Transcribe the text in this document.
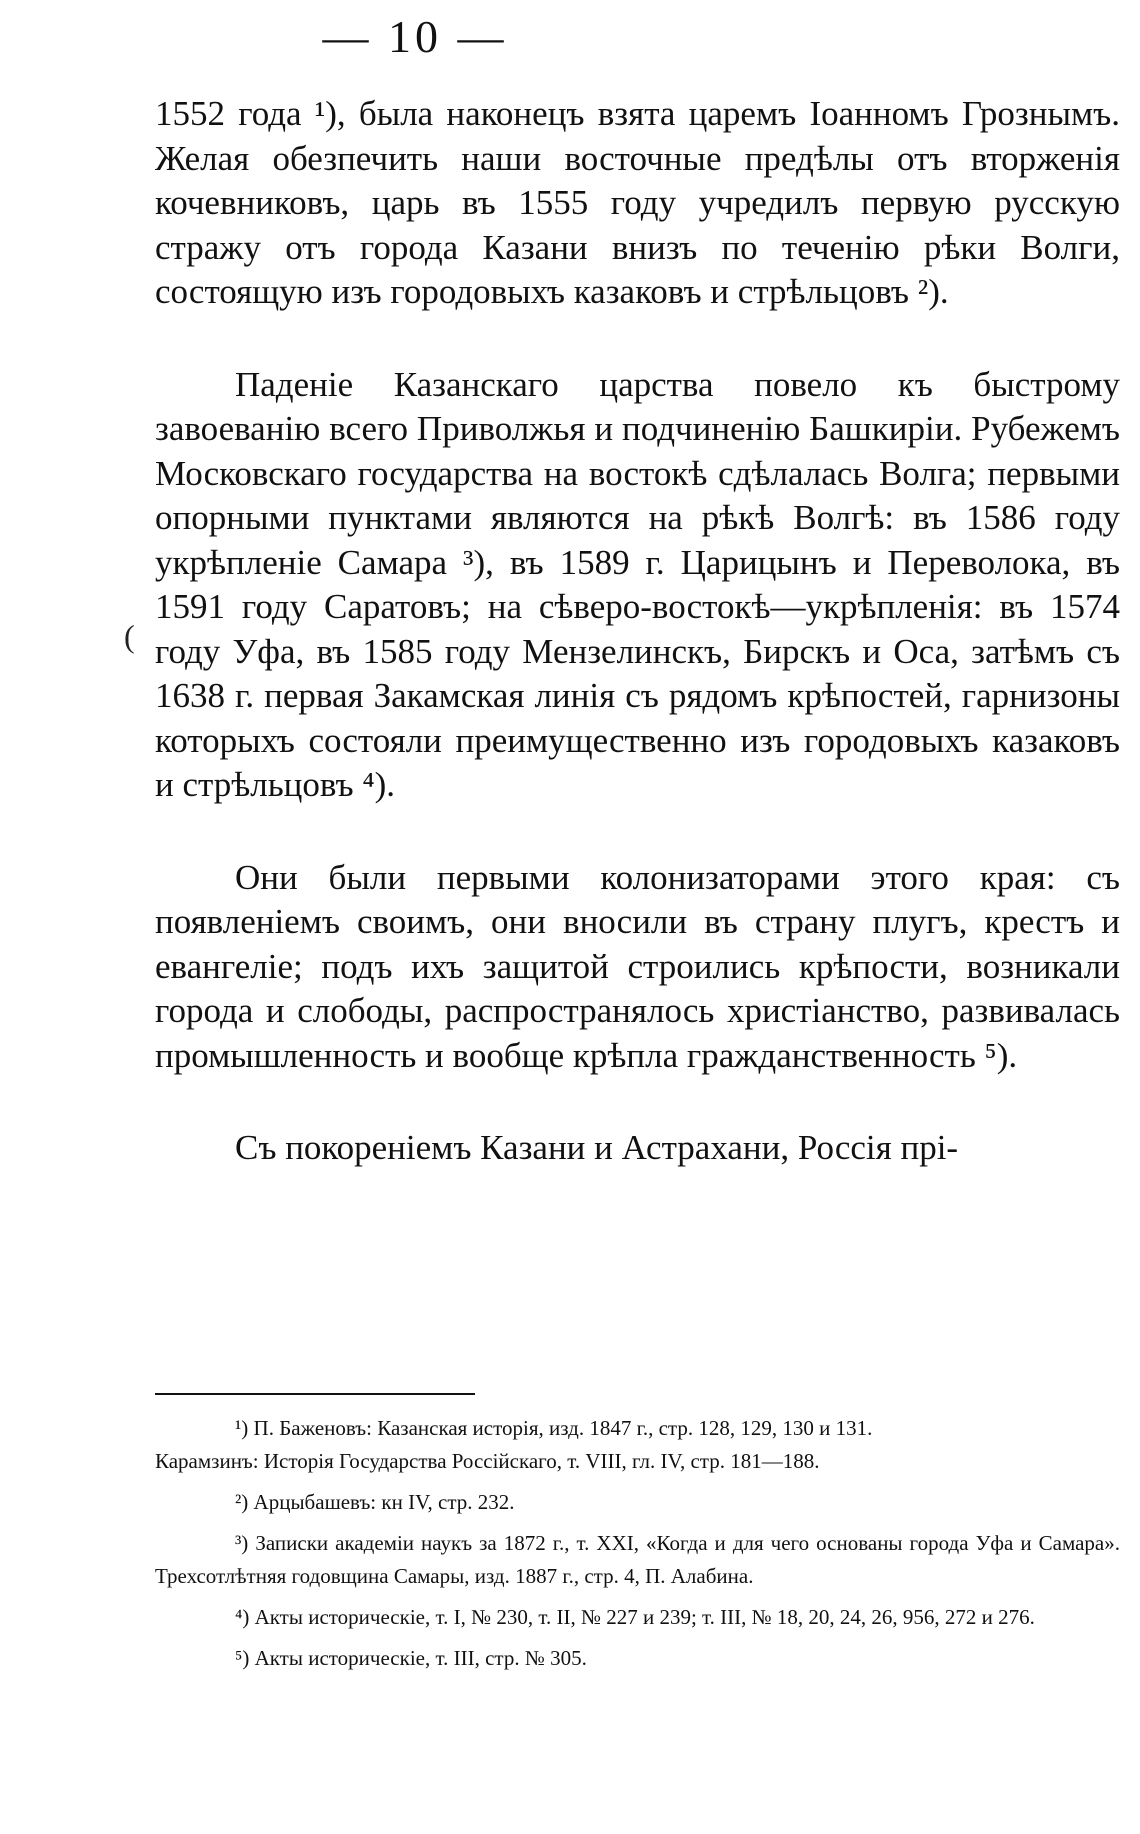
— 10 —

1552 года ¹), была наконецъ взята царемъ Іоанномъ Грознымъ. Желая обезпечить наши восточные предѣлы отъ вторженія кочевниковъ, царь въ 1555 году учредилъ первую русскую стражу отъ города Казани внизъ по теченію рѣки Волги, состоящую изъ городовыхъ казаковъ и стрѣльцовъ ²).

Паденіе Казанскаго царства повело къ быстрому завоеванію всего Приволжья и подчиненію Башкиріи. Рубежемъ Московскаго государства на востокѣ сдѣлалась Волга; первыми опорными пунктами являются на рѣкѣ Волгѣ: въ 1586 году укрѣпленіе Самара ³), въ 1589 г. Царицынъ и Переволока, въ 1591 году Саратовъ; на сѣверо-востокѣ—укрѣпленія: въ 1574 году Уфа, въ 1585 году Мензелинскъ, Бирскъ и Оса, затѣмъ съ 1638 г. первая Закамская линія съ рядомъ крѣпостей, гарнизоны которыхъ состояли преимущественно изъ городовыхъ казаковъ и стрѣльцовъ ⁴).

Они были первыми колонизаторами этого края: съ появленіемъ своимъ, они вносили въ страну плугъ, крестъ и евангеліе; подъ ихъ защитой строились крѣпости, возникали города и слободы, распространялось христіанство, развивалась промышленность и вообще крѣпла гражданственность ⁵).

Съ покореніемъ Казани и Астрахани, Россія прі-

¹) П. Баженовъ: Казанская исторія, изд. 1847 г., стр. 128, 129, 130 и 131.
Карамзинъ: Исторія Государства Россійскаго, т. VIII, гл. IV, стр. 181—188.
²) Арцыбашевъ: кн IV, стр. 232.
³) Записки академіи наукъ за 1872 г., т. XXI, «Когда и для чего основаны города Уфа и Самара». Трехсотлѣтняя годовщина Самары, изд. 1887 г., стр. 4, П. Алабина.
⁴) Акты историческіе, т. I, № 230, т. II, № 227 и 239; т. III, № 18, 20, 24, 26, 956, 272 и 276.
⁵) Акты историческіе, т. III, стр. № 305.
(
